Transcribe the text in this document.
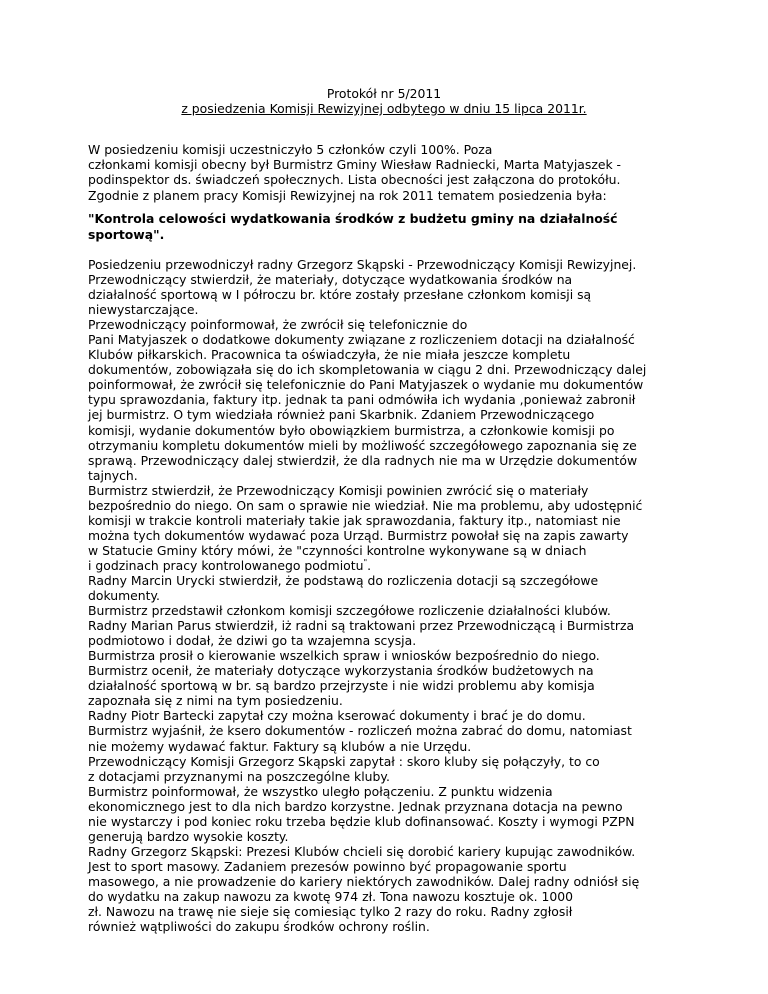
Protokół nr 5/2011
z posiedzenia Komisji Rewizyjnej odbytego w dniu 15 lipca 2011r.
W posiedzeniu komisji uczestniczyło 5 członków czyli 100%. Poza
członkami komisji obecny był Burmistrz Gminy Wiesław Radniecki, Marta Matyjaszek -
podinspektor ds. świadczeń społecznych. Lista obecności jest załączona do protokółu.
Zgodnie z planem pracy Komisji Rewizyjnej na rok 2011 tematem posiedzenia była:
"Kontrola celowości wydatkowania środków z budżetu gminy na działalność
sportową".
Posiedzeniu przewodniczył radny Grzegorz Skąpski - Przewodniczący Komisji Rewizyjnej.
Przewodniczący stwierdził, że materiały, dotyczące wydatkowania środków na
działalność sportową w I półroczu br. które zostały przesłane członkom komisji są
niewystarczające.
Przewodniczący poinformował, że zwrócił się telefonicznie do
Pani Matyjaszek o dodatkowe dokumenty związane z rozliczeniem dotacji na działalność
Klubów piłkarskich. Pracownica ta oświadczyła, że nie miała jeszcze kompletu
dokumentów, zobowiązała się do ich skompletowania w ciągu 2 dni. Przewodniczący dalej
poinformował, że zwrócił się telefonicznie do Pani Matyjaszek o wydanie mu dokumentów
typu sprawozdania, faktury itp. jednak ta pani odmówiła ich wydania ,ponieważ zabronił
jej burmistrz. O tym wiedziała również pani Skarbnik. Zdaniem Przewodniczącego
komisji, wydanie dokumentów było obowiązkiem burmistrza, a członkowie komisji po
otrzymaniu kompletu dokumentów mieli by możliwość szczegółowego zapoznania się ze
sprawą. Przewodniczący dalej stwierdził, że dla radnych nie ma w Urzędzie dokumentów
tajnych.
Burmistrz stwierdził, że Przewodniczący Komisji powinien zwrócić się o materiały
bezpośrednio do niego. On sam o sprawie nie wiedział. Nie ma problemu, aby udostępnić
komisji w trakcie kontroli materiały takie jak sprawozdania, faktury itp., natomiast nie
można tych dokumentów wydawać poza Urząd. Burmistrz powołał się na zapis zawarty
w Statucie Gminy który mówi, że "czynności kontrolne wykonywane są w dniach
i godzinach pracy kontrolowanego podmiotu".
Radny Marcin Urycki stwierdził, że podstawą do rozliczenia dotacji są szczegółowe
dokumenty.
Burmistrz przedstawił członkom komisji szczegółowe rozliczenie działalności klubów.
Radny Marian Parus stwierdził, iż radni są traktowani przez Przewodniczącą i Burmistrza
podmiotowo i dodał, że dziwi go ta wzajemna scysja.
Burmistrza prosił o kierowanie wszelkich spraw i wniosków bezpośrednio do niego.
Burmistrz ocenił, że materiały dotyczące wykorzystania środków budżetowych na
działalność sportową w br. są bardzo przejrzyste i nie widzi problemu aby komisja
zapoznała się z nimi na tym posiedzeniu.
Radny Piotr Bartecki zapytał czy można kserować dokumenty i brać je do domu.
Burmistrz wyjaśnił, że ksero dokumentów - rozliczeń można zabrać do domu, natomiast
nie możemy wydawać faktur. Faktury są klubów a nie Urzędu.
Przewodniczący Komisji Grzegorz Skąpski zapytał : skoro kluby się połączyły, to co
z dotacjami przyznanymi na poszczególne kluby.
Burmistrz poinformował, że wszystko uległo połączeniu. Z punktu widzenia
ekonomicznego jest to dla nich bardzo korzystne. Jednak przyznana dotacja na pewno
nie wystarczy i pod koniec roku trzeba będzie klub dofinansować. Koszty i wymogi PZPN
generują bardzo wysokie koszty.
Radny Grzegorz Skąpski: Prezesi Klubów chcieli się dorobić kariery kupując zawodników.
Jest to sport masowy. Zadaniem prezesów powinno być propagowanie sportu
masowego, a nie prowadzenie do kariery niektórych zawodników. Dalej radny odniósł się
do wydatku na zakup nawozu za kwotę 974 zł. Tona nawozu kosztuje ok. 1000
zł. Nawozu na trawę nie sieje się comiesiąc tylko 2 razy do roku. Radny zgłosił
również wątpliwości do zakupu środków ochrony roślin.
